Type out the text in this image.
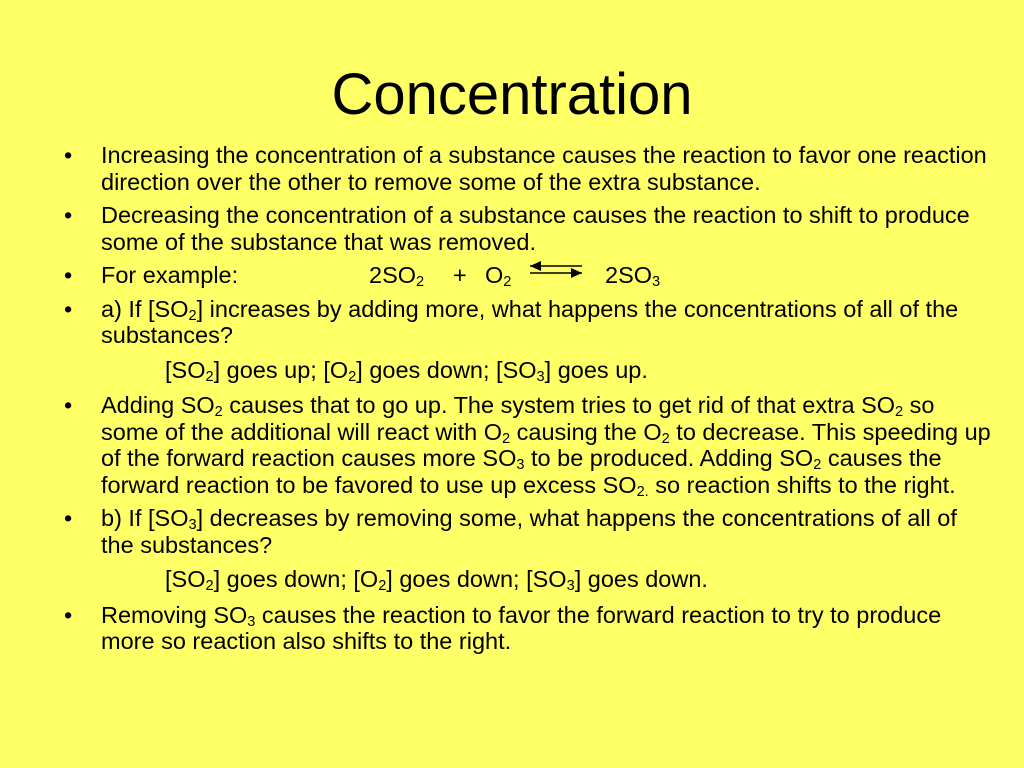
Concentration
• Increasing the concentration of a substance causes the reaction to favor one reaction direction over the other to remove some of the extra substance.
• Decreasing the concentration of a substance causes the reaction to shift to produce some of the substance that was removed.
• For example:	$2SO_2 + O_2$	$2SO_3$
• a) If $[SO_2]$ increases by adding more, what happens the concentrations of all of the substances?
$[SO_2]$ goes up; $[O_2]$ goes down; $[SO_3]$ goes up.
• Adding $SO_2$ causes that to go up. The system tries to get rid of that extra $SO_2$ so some of the additional will react with $O_2$ causing the $O_2$ to decrease. This speeding up of the forward reaction causes more $SO_3$ to be produced. Adding $SO_2$ causes the forward reaction to be favored to use up excess $SO_{2.}$ so reaction shifts to the right.
• b) If $[SO_3]$ decreases by removing some, what happens the concentrations of all of the substances?
$[SO_2]$ goes down; $[O_2]$ goes down; $[SO_3]$ goes down.
• Removing $SO_3$ causes the reaction to favor the forward reaction to try to produce more so reaction also shifts to the right.
